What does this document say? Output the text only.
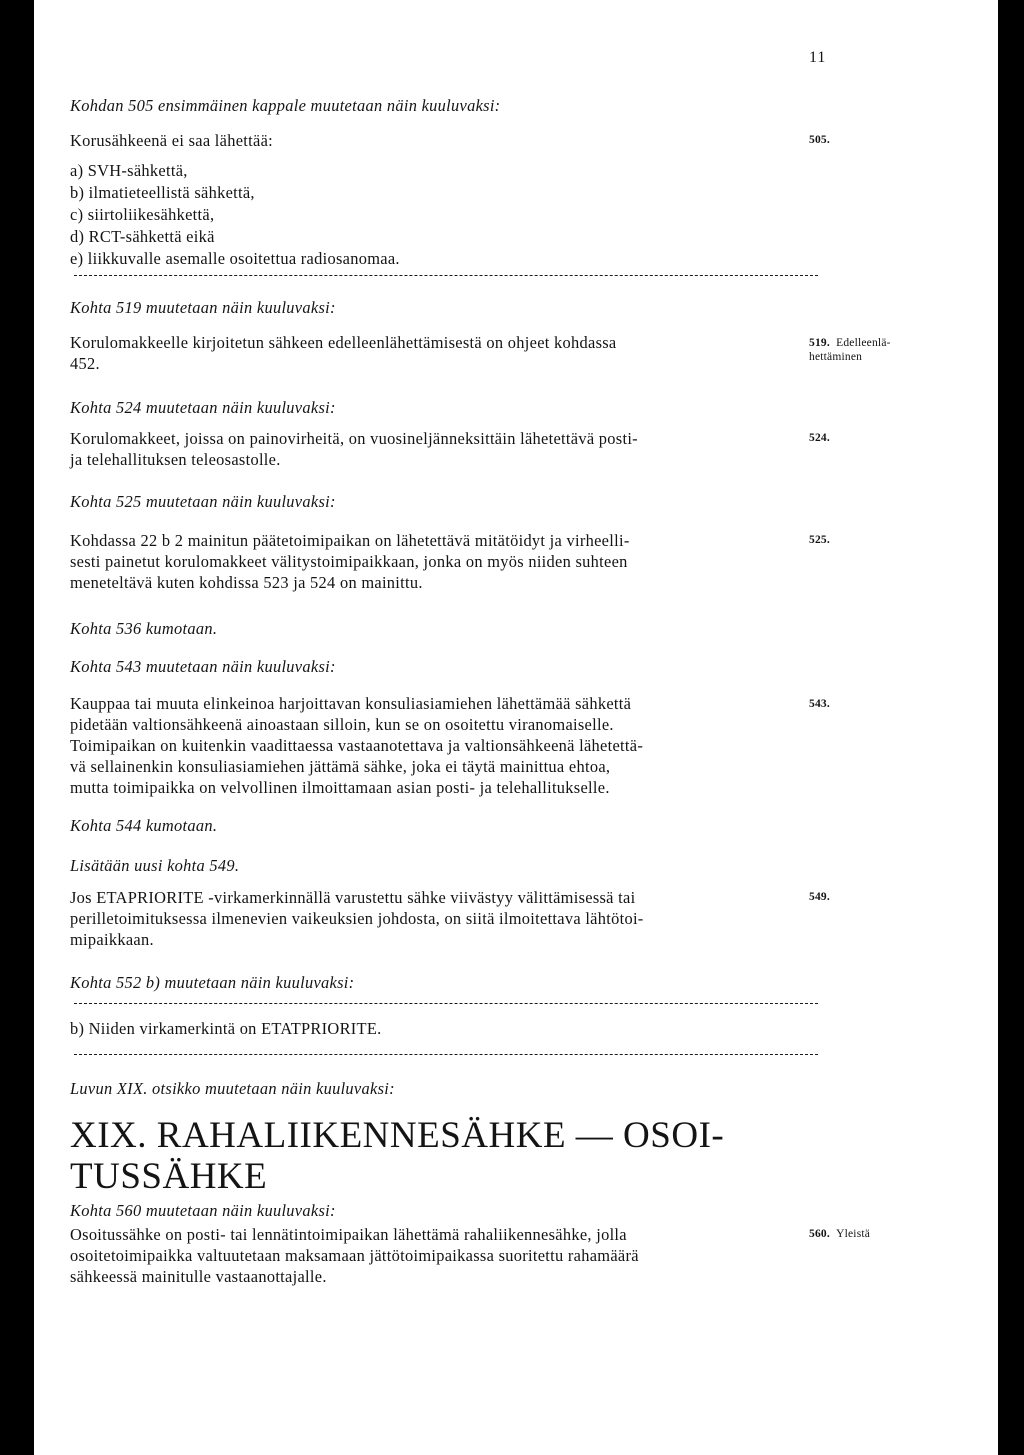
11

Kohdan 505 ensimmäinen kappale muutetaan näin kuuluvaksi:

Korusähkeenä ei saa lähettää:	505.

a) SVH-sähkettä,

b) ilmatieteellistä sähkettä,

c) siirtoliikesähkettä,

d) RCT-sähkettä eikä

e) liikkuvalle asemalle osoitettua radiosanomaa.

Kohta 519 muutetaan näin kuuluvaksi:

Korulomakkeelle kirjoitetun sähkeen edelleenlähettämisestä on ohjeet kohdassa
452.

519. Edelleenlä-
hettäminen

Kohta 524 muutetaan näin kuuluvaksi:

Korulomakkeet, joissa on painovirheitä, on vuosineljänneksittäin lähetettävä posti-
ja telehallituksen teleosastolle.

524.

Kohta 525 muutetaan näin kuuluvaksi:

Kohdassa 22 b 2 mainitun päätetoimipaikan on lähetettävä mitätöidyt ja virheelli-
sesti painetut korulomakkeet välitystoimipaikkaan, jonka on myös niiden suhteen
meneteltävä kuten kohdissa 523 ja 524 on mainittu.

525.

Kohta 536 kumotaan.

Kohta 543 muutetaan näin kuuluvaksi:

Kauppaa tai muuta elinkeinoa harjoittavan konsuliasiamiehen lähettämää sähkettä
pidetään valtionsähkeenä ainoastaan silloin, kun se on osoitettu viranomaiselle.
Toimipaikan on kuitenkin vaadittaessa vastaanotettava ja valtionsähkeenä lähetettä-
vä sellainenkin konsuliasiamiehen jättämä sähke, joka ei täytä mainittua ehtoa,
mutta toimipaikka on velvollinen ilmoittamaan asian posti- ja telehallitukselle.

543.

Kohta 544 kumotaan.

Lisätään uusi kohta 549.

Jos ETAPRIORITE -virkamerkinnällä varustettu sähke viivästyy välittämisessä tai
perilletoimituksessa ilmenevien vaikeuksien johdosta, on siitä ilmoitettava lähtötoi-
mipaikkaan.

549.

Kohta 552 b) muutetaan näin kuuluvaksi:

b) Niiden virkamerkintä on ETATPRIORITE.

Luvun XIX. otsikko muutetaan näin kuuluvaksi:

XIX. RAHALIIKENNESÄHKE — OSOI-
TUSSÄHKE

Kohta 560 muutetaan näin kuuluvaksi:

Osoitussähke on posti- tai lennätintoimipaikan lähettämä rahaliikennesähke, jolla
osoitetoimipaikka valtuutetaan maksamaan jättötoimipaikassa suoritettu rahamäärä
sähkeessä mainitulle vastaanottajalle.

560. Yleistä
